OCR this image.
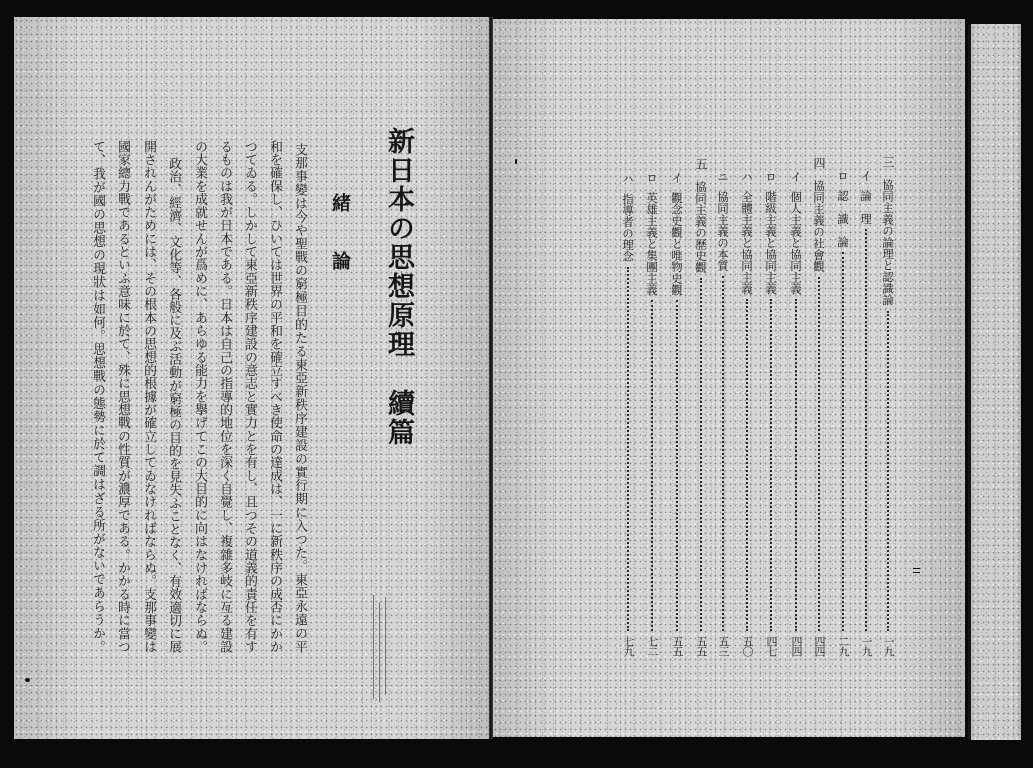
新日本の思想原理
續篇
緒　論
支那事變は今や聖戰の窮極目的たる東亞新秩序建設の實行期に入つた。東亞永遠の平
和を確保し、ひいては世界の平和を確立すべき使命の達成は、一に新秩序の成否にかか
つてゐる。しかして東亞新秩序建設の意志と實力とを有し、且つその道義的責任を有す
るものは我が日本である。日本は自己の指導的地位を深く自覺し、複雜多岐に亙る建設
の大業を成就せんが爲めに、あらゆる能力を擧げてこの大目的に向はなければならぬ。
政治、經濟、文化等、各般に及ぶ活動が窮極の目的を見失ふことなく、有效適切に展
開されんがためには、その根本の思想的根據が確立してゐなければならぬ。支那事變は
國家總力戰であるといふ意味に於て、殊に思想戰の性質が濃厚である。かかる時に當つ
て、我が國の思想の現狀は如何。思想戰の態勢に於て調はざる所がないであらうか。	三
協同主義の論理と認識論
一九
イ
論　理
一九
ロ
認　識　論
二九
四
協同主義の社會觀
四四
イ
個人主義と協同主義
四四
ロ
階級主義と協同主義
四七
ハ
全體主義と協同主義
五〇
ニ
協同主義の本質
五三
五
協同主義の歷史觀
五五
イ
觀念史觀と唯物史觀
五五
ロ
英雄主義と集團主義
七二
ハ
指導者の理念
七九
